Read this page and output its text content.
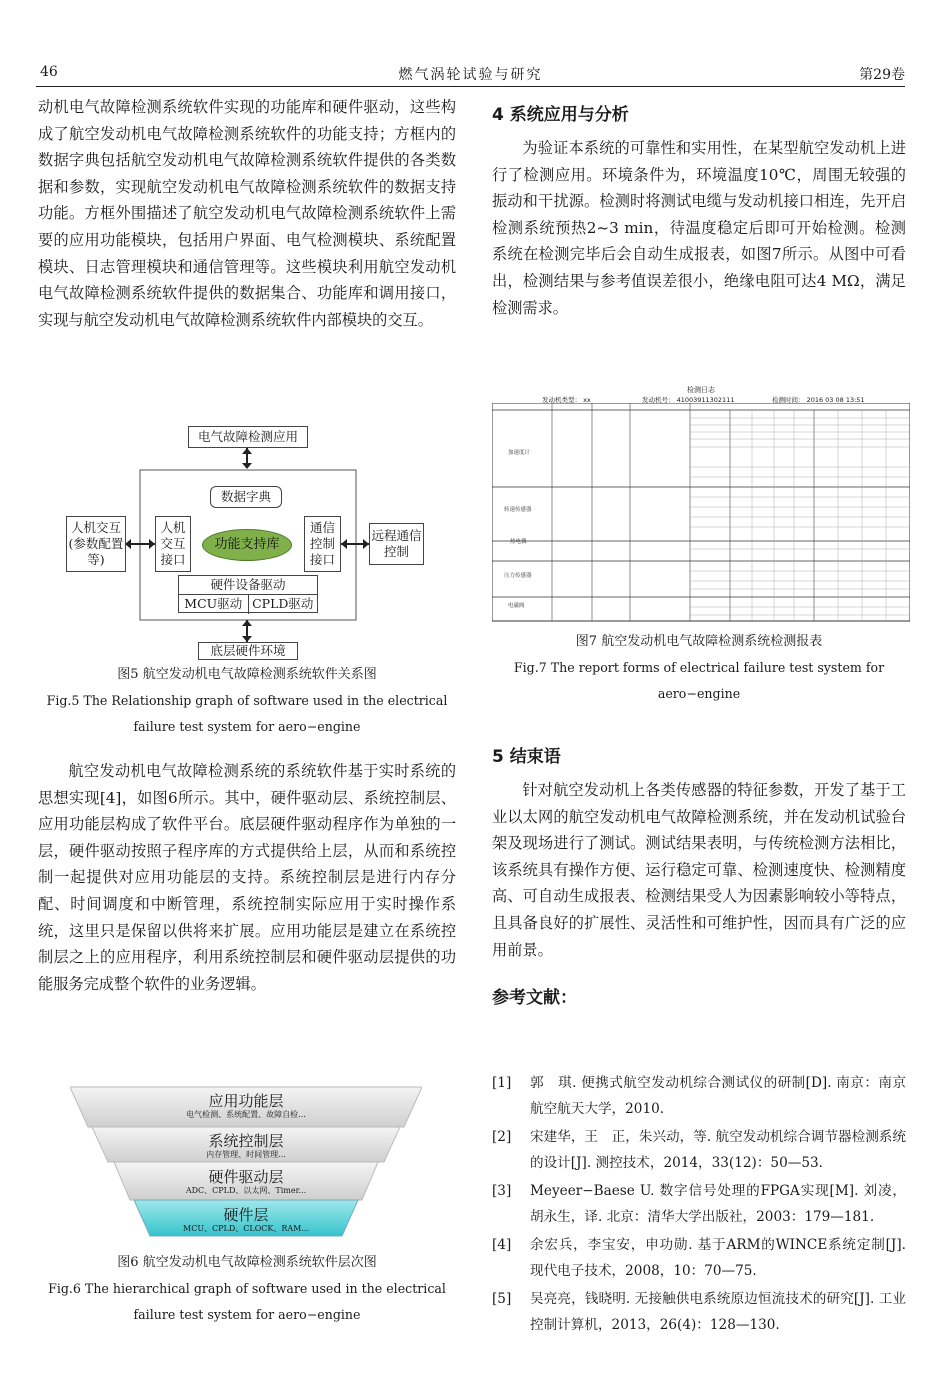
46	燃气涡轮试验与研究	第29卷

动机电气故障检测系统软件实现的功能库和硬件驱动，这些构成了航空发动机电气故障检测系统软件的功能支持；方框内的数据字典包括航空发动机电气故障检测系统软件提供的各类数据和参数，实现航空发动机电气故障检测系统软件的数据支持功能。方框外围描述了航空发动机电气故障检测系统软件上需要的应用功能模块，包括用户界面、电气检测模块、系统配置模块、日志管理模块和通信管理等。这些模块利用航空发动机电气故障检测系统软件提供的数据集合、功能库和调用接口，实现与航空发动机电气故障检测系统软件内部模块的交互。

电气故障检测应用
人机交互(参数配置等)
人机交互接口
数据字典
功能支持库
通信控制接口
远程通信控制
硬件设备驱动
MCU驱动 CPLD驱动
底层硬件环境

图5 航空发动机电气故障检测系统软件关系图

Fig.5 The Relationship graph of software used in the electrical

failure test system for aero−engine

航空发动机电气故障检测系统的系统软件基于实时系统的思想实现[4]，如图6所示。其中，硬件驱动层、系统控制层、应用功能层构成了软件平台。底层硬件驱动程序作为单独的一层，硬件驱动按照子程序库的方式提供给上层，从而和系统控制一起提供对应用功能层的支持。系统控制层是进行内存分配、时间调度和中断管理，系统控制实际应用于实时操作系统，这里只是保留以供将来扩展。应用功能层是建立在系统控制层之上的应用程序，利用系统控制层和硬件驱动层提供的功能服务完成整个软件的业务逻辑。

应用功能层
电气检测、系统配置、故障自检...
系统控制层
内存管理、时间管理...
硬件驱动层
ADC、CPLD、以太网、Timer...
硬件层
MCU、CPLD、CLOCK、RAM...

图6 航空发动机电气故障检测系统软件层次图

Fig.6 The hierarchical graph of software used in the electrical

failure test system for aero−engine

4 系统应用与分析

为验证本系统的可靠性和实用性，在某型航空发动机上进行了检测应用。环境条件为，环境温度10℃，周围无较强的振动和干扰源。检测时将测试电缆与发动机接口相连，先开启检测系统预热2~3 min，待温度稳定后即可开始检测。检测系统在检测完毕后会自动生成报表，如图7所示。从图中可看出，检测结果与参考值误差很小，绝缘电阻可达4 MΩ，满足检测需求。

检测日志
发动机类型： xx	发动机号： 41003911302111	检测时间： 2016 03 08 13:51
加速度计
转速传感器
热电偶
压力传感器
电磁阀

图7 航空发动机电气故障检测系统检测报表

Fig.7 The report forms of electrical failure test system for

aero−engine

5 结束语

针对航空发动机上各类传感器的特征参数，开发了基于工业以太网的航空发动机电气故障检测系统，并在发动机试验台架及现场进行了测试。测试结果表明，与传统检测方法相比，该系统具有操作方便、运行稳定可靠、检测速度快、检测精度高、可自动生成报表、检测结果受人为因素影响较小等特点，且具备良好的扩展性、灵活性和可维护性，因而具有广泛的应用前景。

参考文献：

[1] 郭　琪. 便携式航空发动机综合测试仪的研制[D]. 南京：南京航空航天大学，2010.
[2] 宋建华，王　正，朱兴动，等. 航空发动机综合调节器检测系统的设计[J]. 测控技术，2014，33(12)：50—53.
[3] Meyeer−Baese U. 数字信号处理的FPGA实现[M]. 刘凌，胡永生，译. 北京：清华大学出版社，2003：179—181.
[4] 余宏兵，李宝安，申功勋. 基于ARM的WINCE系统定制[J]. 现代电子技术，2008，10：70—75.
[5] 吴亮亮，钱晓明. 无接触供电系统原边恒流技术的研究[J]. 工业控制计算机，2013，26(4)：128—130.
